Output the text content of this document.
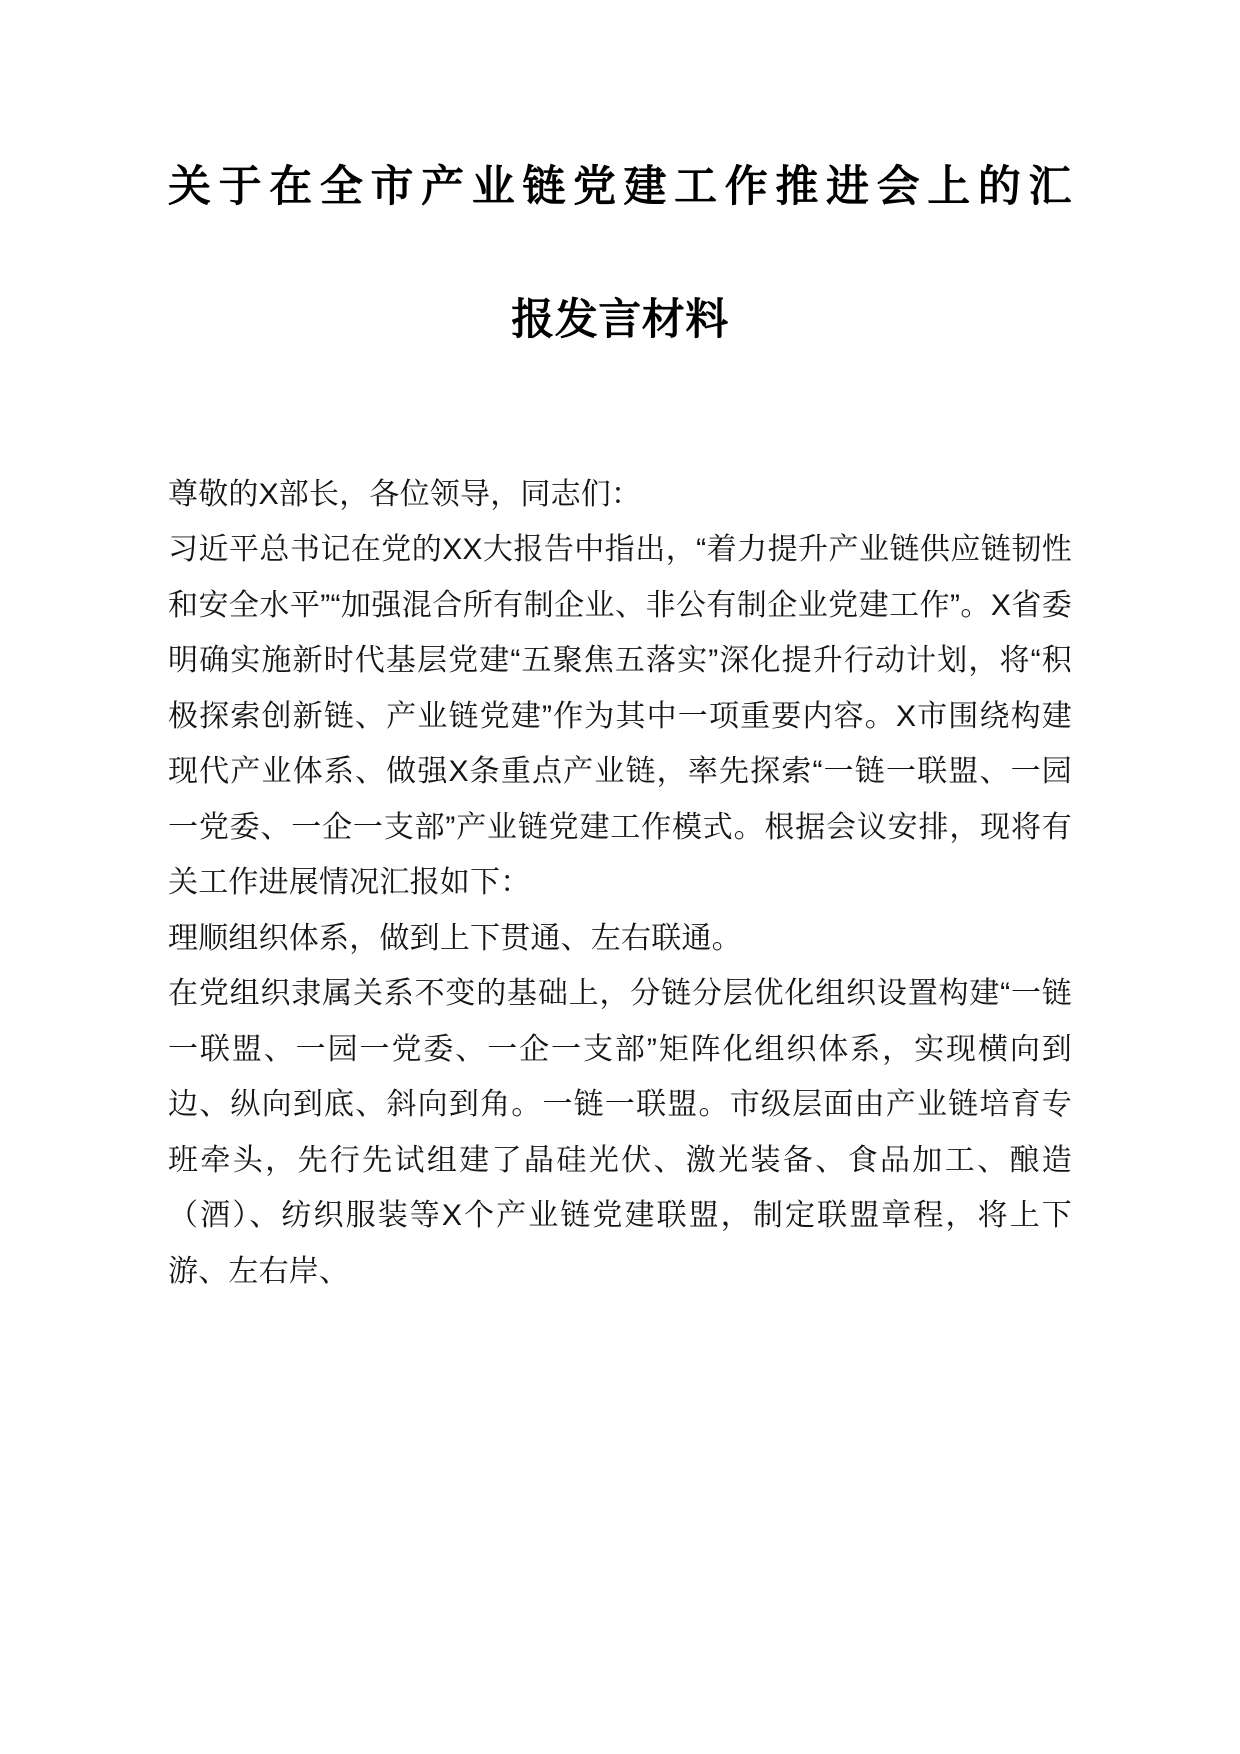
关于在全市产业链党建工作推进会上的汇
报发言材料

尊敬的X部长，各位领导，同志们：

习近平总书记在党的XX大报告中指出，“着力提升产业链供应链韧性和安全水平”“加强混合所有制企业、非公有制企业党建工作”。X省委明确实施新时代基层党建“五聚焦五落实”深化提升行动计划，将“积极探索创新链、产业链党建”作为其中一项重要内容。X市围绕构建现代产业体系、做强X条重点产业链，率先探索“一链一联盟、一园一党委、一企一支部”产业链党建工作模式。根据会议安排，现将有关工作进展情况汇报如下：

理顺组织体系，做到上下贯通、左右联通。

在党组织隶属关系不变的基础上，分链分层优化组织设置构建“一链一联盟、一园一党委、一企一支部”矩阵化组织体系，实现横向到边、纵向到底、斜向到角。一链一联盟。市级层面由产业链培育专班牵头，先行先试组建了晶硅光伏、激光装备、食品加工、酿造（酒）、纺织服装等X个产业链党建联盟，制定联盟章程，将上下游、左右岸、
